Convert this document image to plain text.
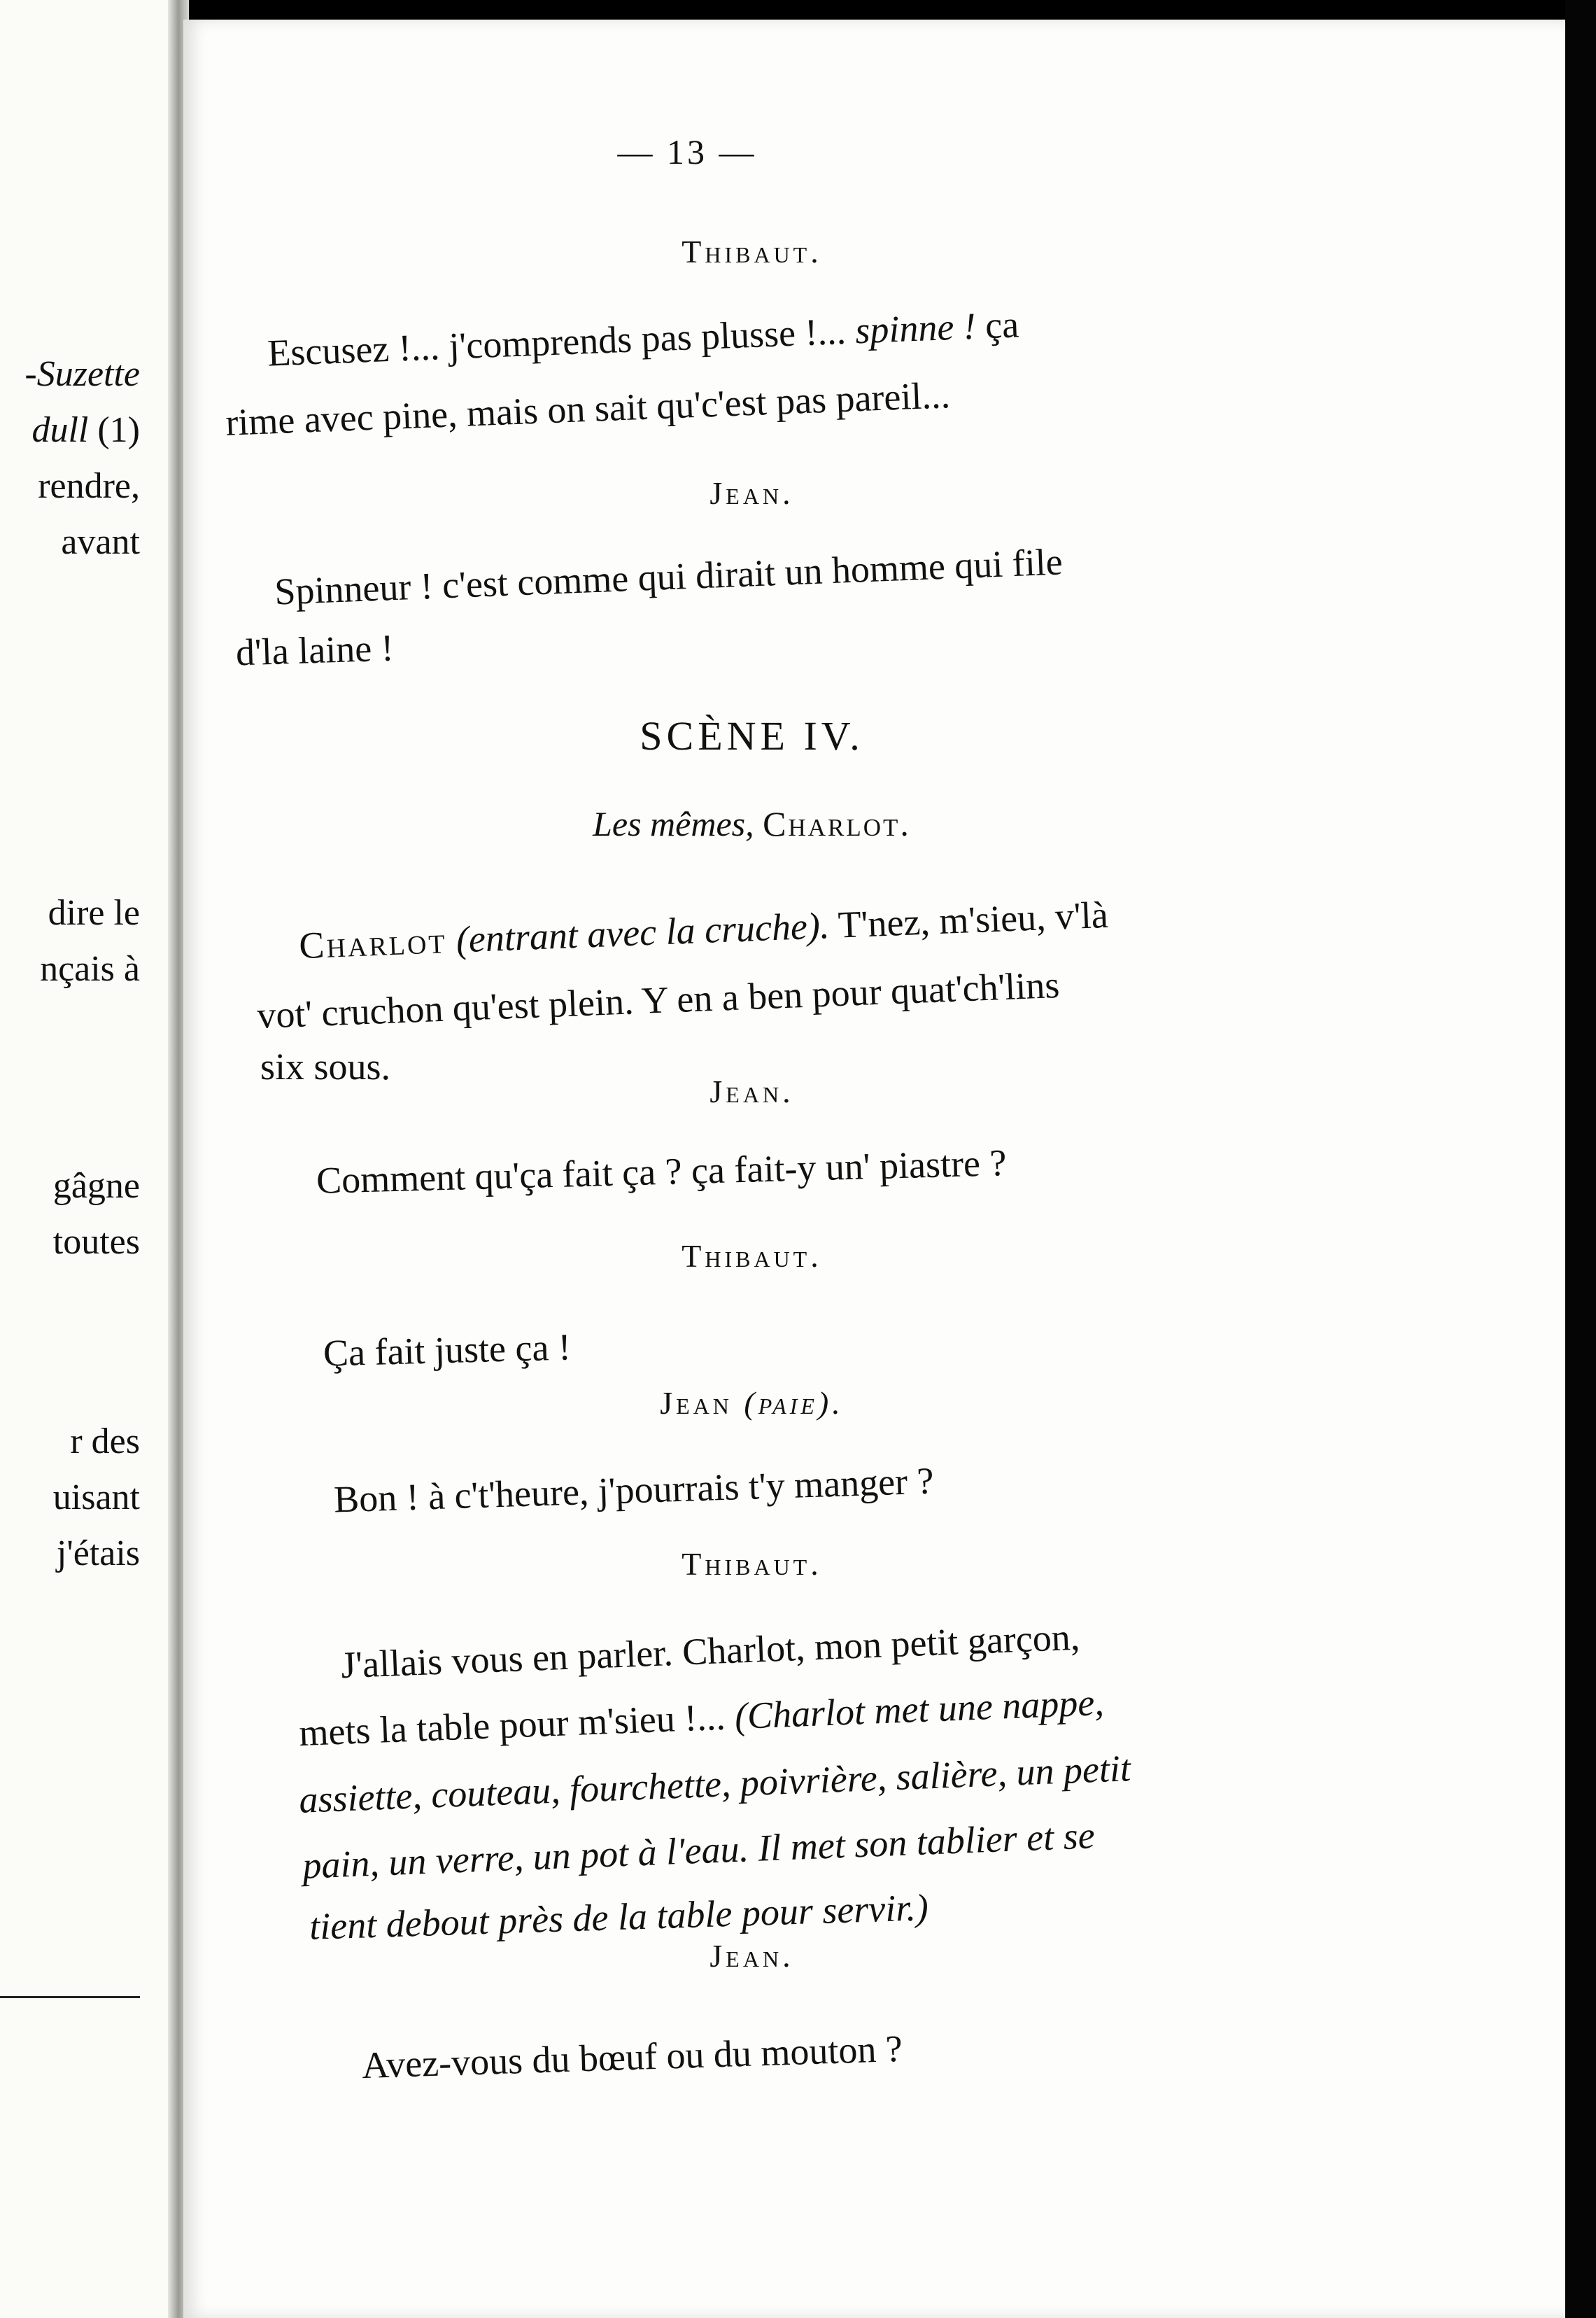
-Suzette
dull (1)
rendre,
avant
dire le
nçais à
gâgne
toutes
r des
uisant
j'étais
— 13 —
Thibaut.
Escusez !... j'comprends pas plusse !... spinne ! ça
rime avec pine, mais on sait qu'c'est pas pareil...
Jean.
Spinneur ! c'est comme qui dirait un homme qui file
d'la laine !
SCÈNE IV.
Les mêmes, Charlot.
Charlot (entrant avec la cruche). T'nez, m'sieu, v'là
vot' cruchon qu'est plein. Y en a ben pour quat'ch'lins
six sous.
Jean.
Comment qu'ça fait ça ? ça fait-y un' piastre ?
Thibaut.
Ça fait juste ça !
Jean (paie).
Bon ! à c't'heure, j'pourrais t'y manger ?
Thibaut.
J'allais vous en parler. Charlot, mon petit garçon,
mets la table pour m'sieu !... (Charlot met une nappe,
assiette, couteau, fourchette, poivrière, salière, un petit
pain, un verre, un pot à l'eau. Il met son tablier et se
tient debout près de la table pour servir.)
Jean.
Avez-vous du bœuf ou du mouton ?
